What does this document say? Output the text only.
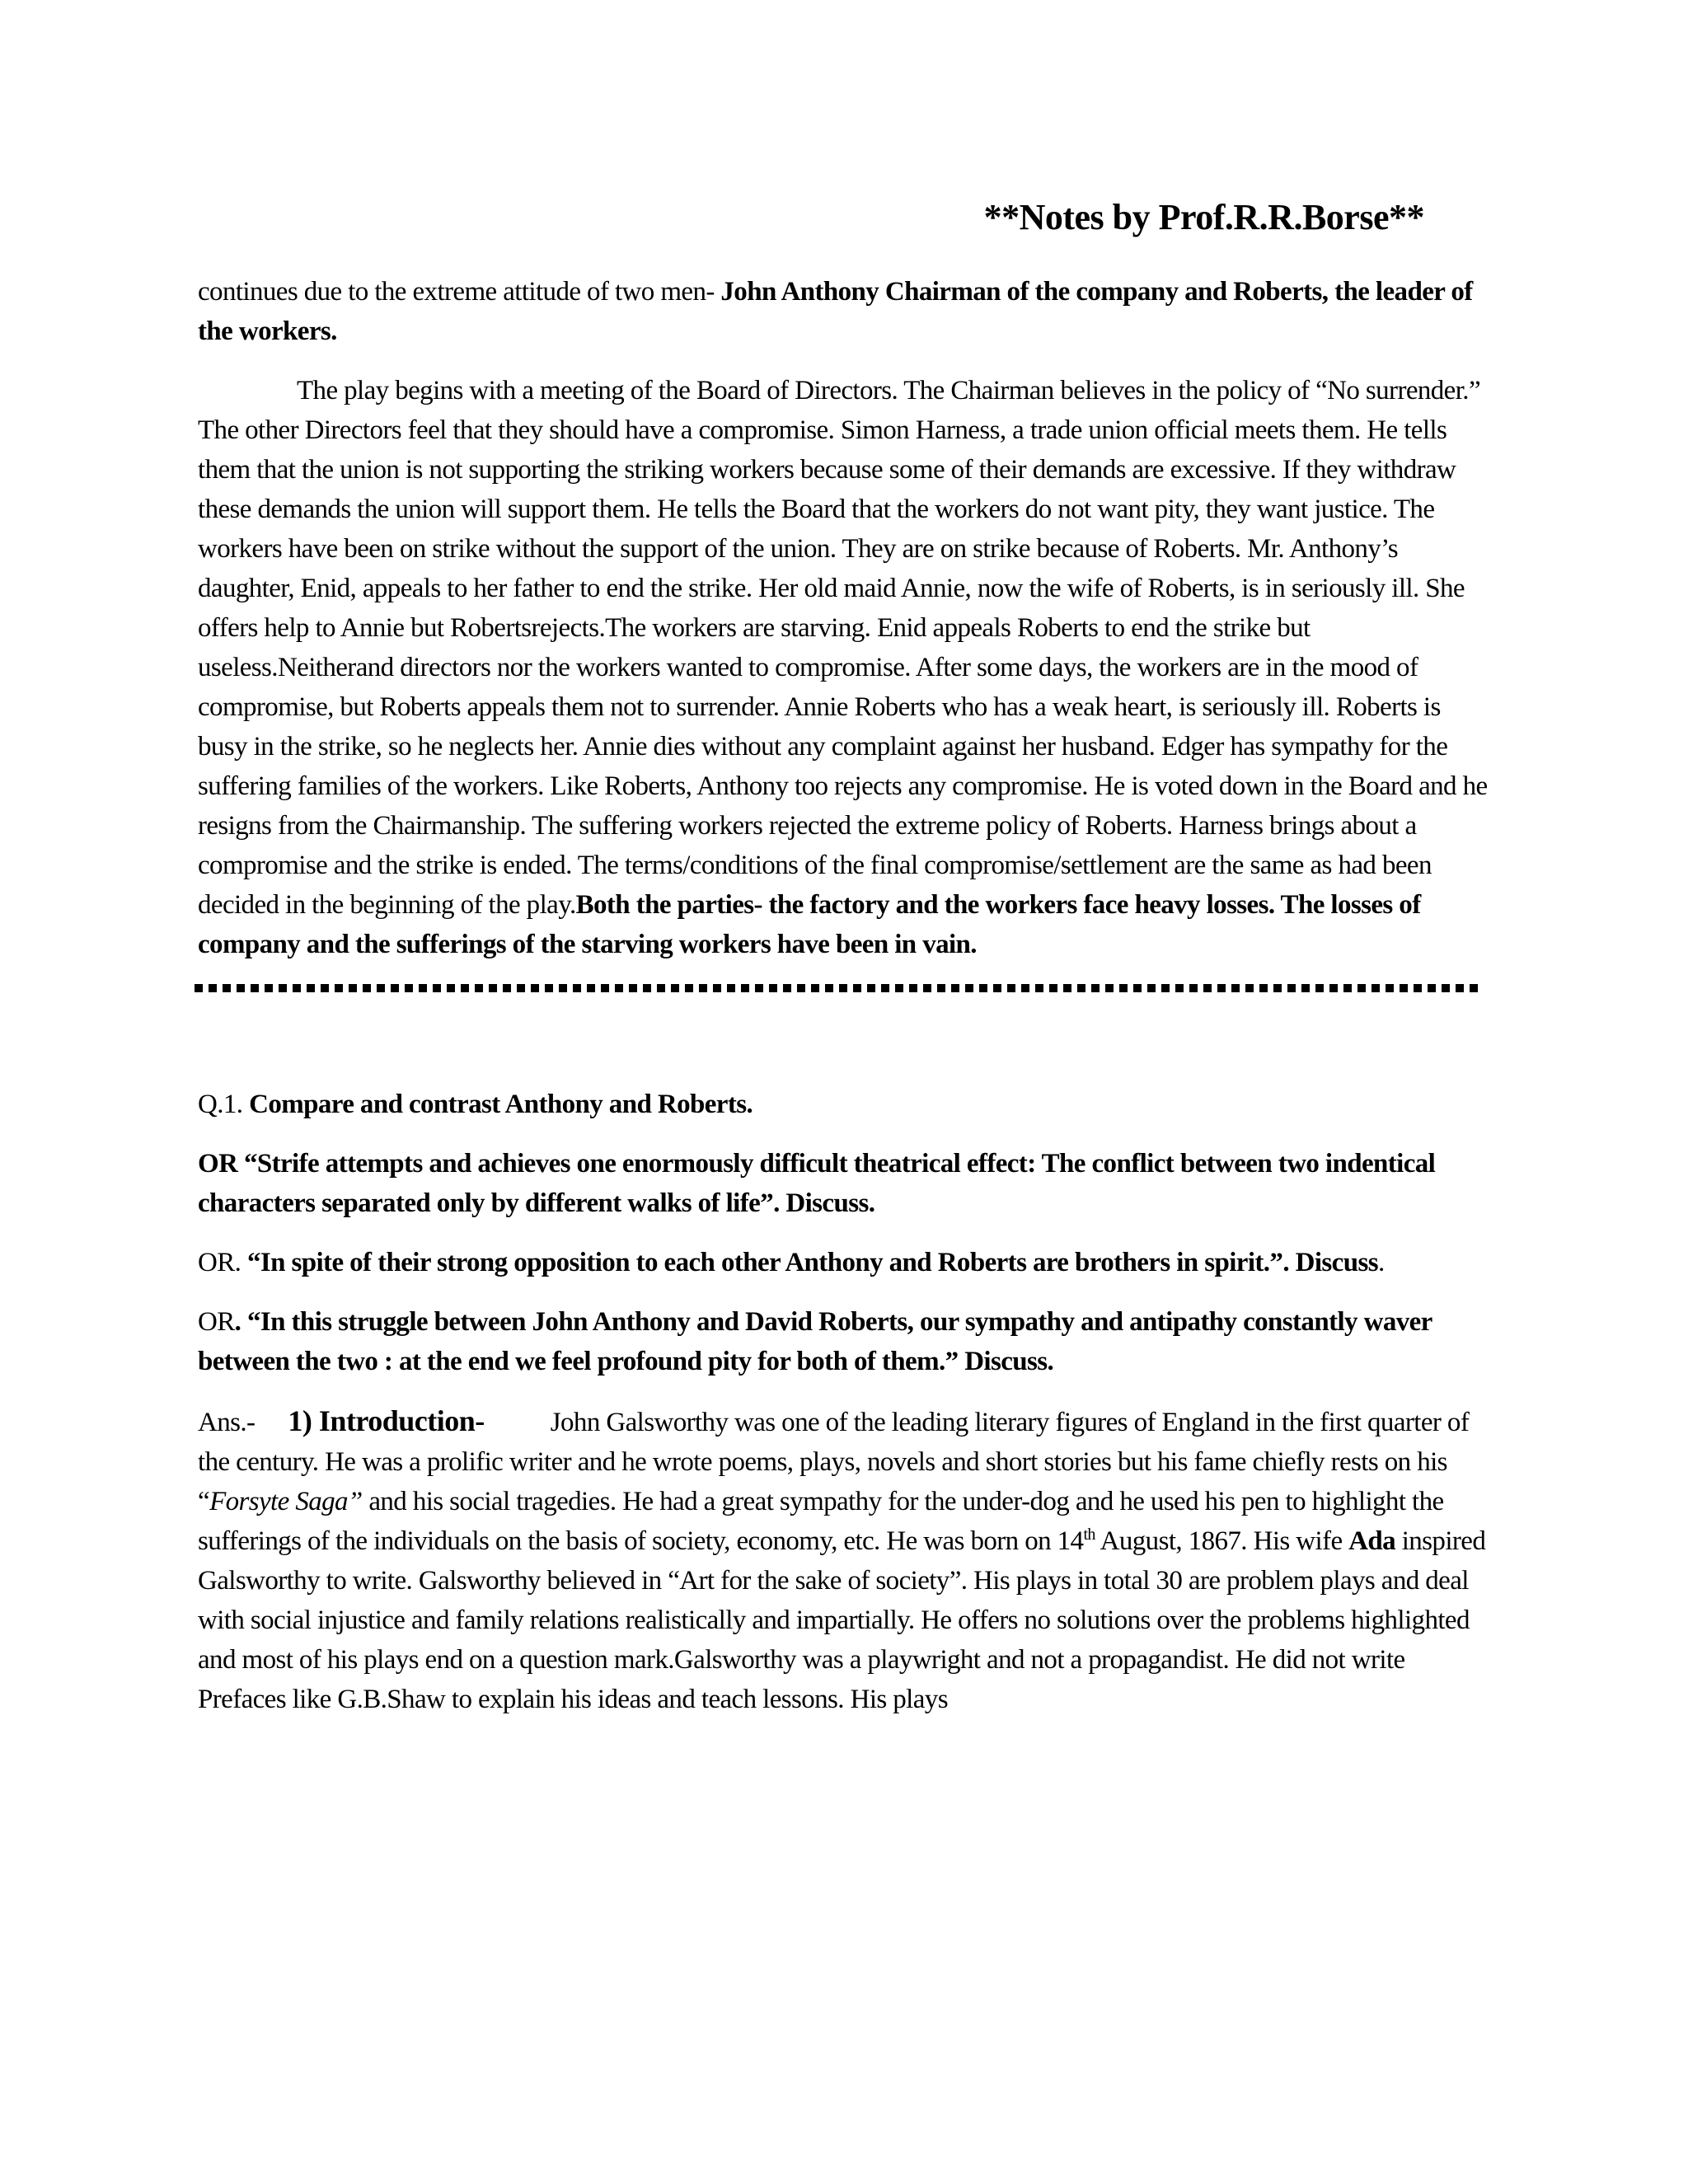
**Notes by Prof.R.R.Borse**

continues due to the extreme attitude of two men- John Anthony Chairman of the company and Roberts, the leader of the workers.

The play begins with a meeting of the Board of Directors. The Chairman believes in the policy of “No surrender.” The other Directors feel that they should have a compromise. Simon Harness, a trade union official meets them. He tells them that the union is not supporting the striking workers because some of their demands are excessive. If they withdraw these demands the union will support them. He tells the Board that the workers do not want pity, they want justice. The workers have been on strike without the support of the union. They are on strike because of Roberts. Mr. Anthony’s daughter, Enid, appeals to her father to end the strike. Her old maid Annie, now the wife of Roberts, is in seriously ill. She offers help to Annie but Robertsrejects.The workers are starving. Enid appeals Roberts to end the strike but useless.Neitherand directors nor the workers wanted to compromise. After some days, the workers are in the mood of compromise, but Roberts appeals them not to surrender. Annie Roberts who has a weak heart, is seriously ill. Roberts is busy in the strike, so he neglects her. Annie dies without any complaint against her husband. Edger has sympathy for the suffering families of the workers. Like Roberts, Anthony too rejects any compromise. He is voted down in the Board and he resigns from the Chairmanship. The suffering workers rejected the extreme policy of Roberts. Harness brings about a compromise and the strike is ended. The terms/conditions of the final compromise/settlement are the same as had been decided in the beginning of the play.Both the parties- the factory and the workers face heavy losses. The losses of company and the sufferings of the starving workers have been in vain.

Q.1. Compare and contrast Anthony and Roberts.

OR “Strife attempts and achieves one enormously difficult theatrical effect: The conflict between two indentical characters separated only by different walks of life”. Discuss.

OR. “In spite of their strong opposition to each other Anthony and Roberts are brothers in spirit.”. Discuss.

OR. “In this struggle between John Anthony and David Roberts, our sympathy and antipathy constantly waver between the two : at the end we feel profound pity for both of them.” Discuss.

Ans.- 1) Introduction- John Galsworthy was one of the leading literary figures of England in the first quarter of the century. He was a prolific writer and he wrote poems, plays, novels and short stories but his fame chiefly rests on his “Forsyte Saga” and his social tragedies. He had a great sympathy for the under-dog and he used his pen to highlight the sufferings of the individuals on the basis of society, economy, etc. He was born on 14th August, 1867. His wife Ada inspired Galsworthy to write. Galsworthy believed in “Art for the sake of society”. His plays in total 30 are problem plays and deal with social injustice and family relations realistically and impartially. He offers no solutions over the problems highlighted and most of his plays end on a question mark.Galsworthy was a playwright and not a propagandist. He did not write Prefaces like G.B.Shaw to explain his ideas and teach lessons. His plays
